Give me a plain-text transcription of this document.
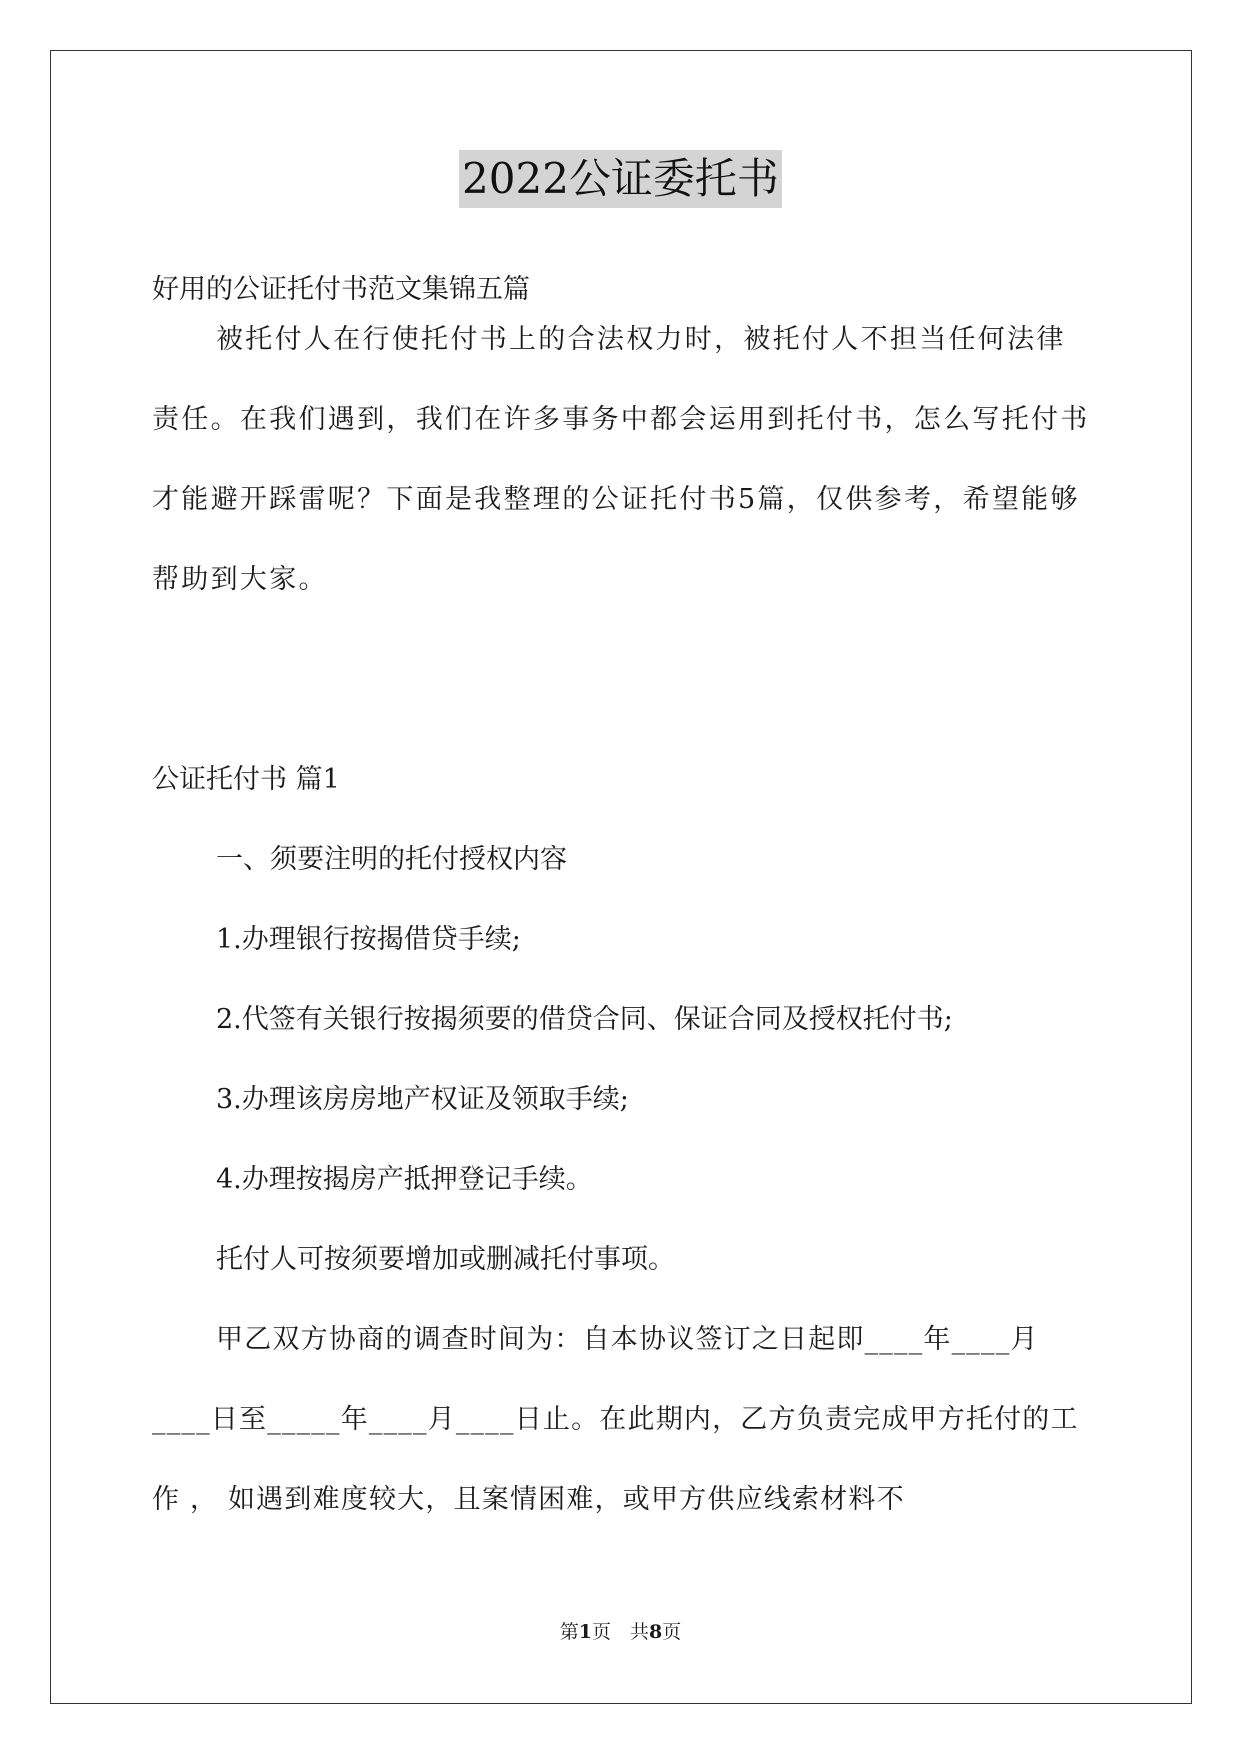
2022公证委托书

好用的公证托付书范文集锦五篇

被托付人在行使托付书上的合法权力时，被托付人不担当任何法律责任。在我们遇到，我们在许多事务中都会运用到托付书，怎么写托付书才能避开踩雷呢？下面是我整理的公证托付书5篇，仅供参考，希望能够帮助到大家。

公证托付书 篇1

一、须要注明的托付授权内容

1.办理银行按揭借贷手续;

2.代签有关银行按揭须要的借贷合同、保证合同及授权托付书;

3.办理该房房地产权证及领取手续;

4.办理按揭房产抵押登记手续。

托付人可按须要增加或删减托付事项。

甲乙双方协商的调查时间为：自本协议签订之日起即____年____月____日至_____年____月____日止。在此期内，乙方负责完成甲方托付的工作 ， 如遇到难度较大，且案情困难，或甲方供应线索材料不

第1页　共8页
